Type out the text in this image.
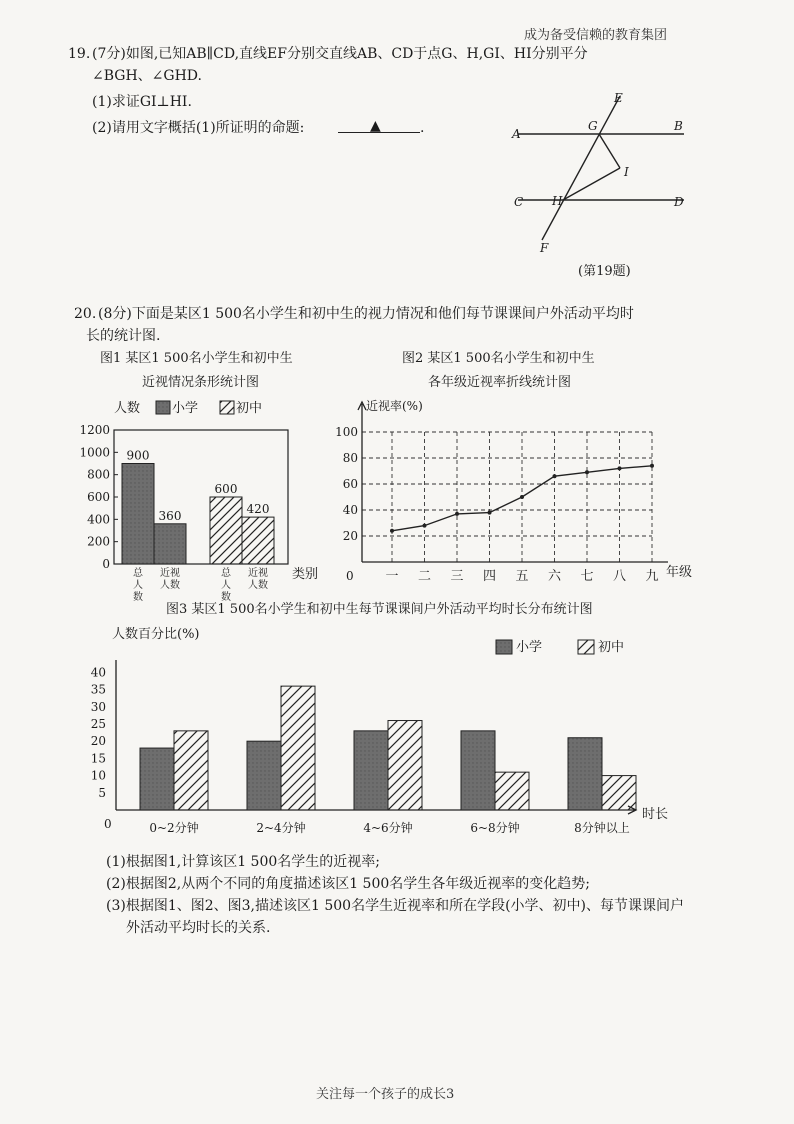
成为备受信赖的教育集团
19. (7分)如图,已知AB∥CD,直线EF分别交直线AB、CD于点G、H,GI、HI分别平分
∠BGH、∠GHD.
(1)求证GI⊥HI.
(2)请用文字概括(1)所证明的命题:	▲	.
E
A
G	B
I
C H	D
F
(第19题)
20. (8分)下面是某区1 500名小学生和初中生的视力情况和他们每节课课间户外活动平均时
长的统计图.
图1 某区1 500名小学生和初中生
近视情况条形统计图
人数 小学	初中
0
200
400
600
800
1000
1200
900
360
总人数
近视人数
600
420
总人数
近视人数
类别
图2 某区1 500名小学生和初中生
各年级近视率折线统计图
近视率(%)
20
40
60
80
100
一 二 三 四 五 六 七 八 九
0	年级
图3 某区1 500名小学生和初中生每节课课间户外活动平均时长分布统计图
人数百分比(%)
小学	初中
0
5
10
15
20
25
30
35
40
0~2分钟	2~4分钟	4~6分钟	6~8分钟	8分钟以上
时长
(1)根据图1,计算该区1 500名学生的近视率;
(2)根据图2,从两个不同的角度描述该区1 500名学生各年级近视率的变化趋势;
(3)根据图1、图2、图3,描述该区1 500名学生近视率和所在学段(小学、初中)、每节课课间户
外活动平均时长的关系.
关注每一个孩子的成长3
